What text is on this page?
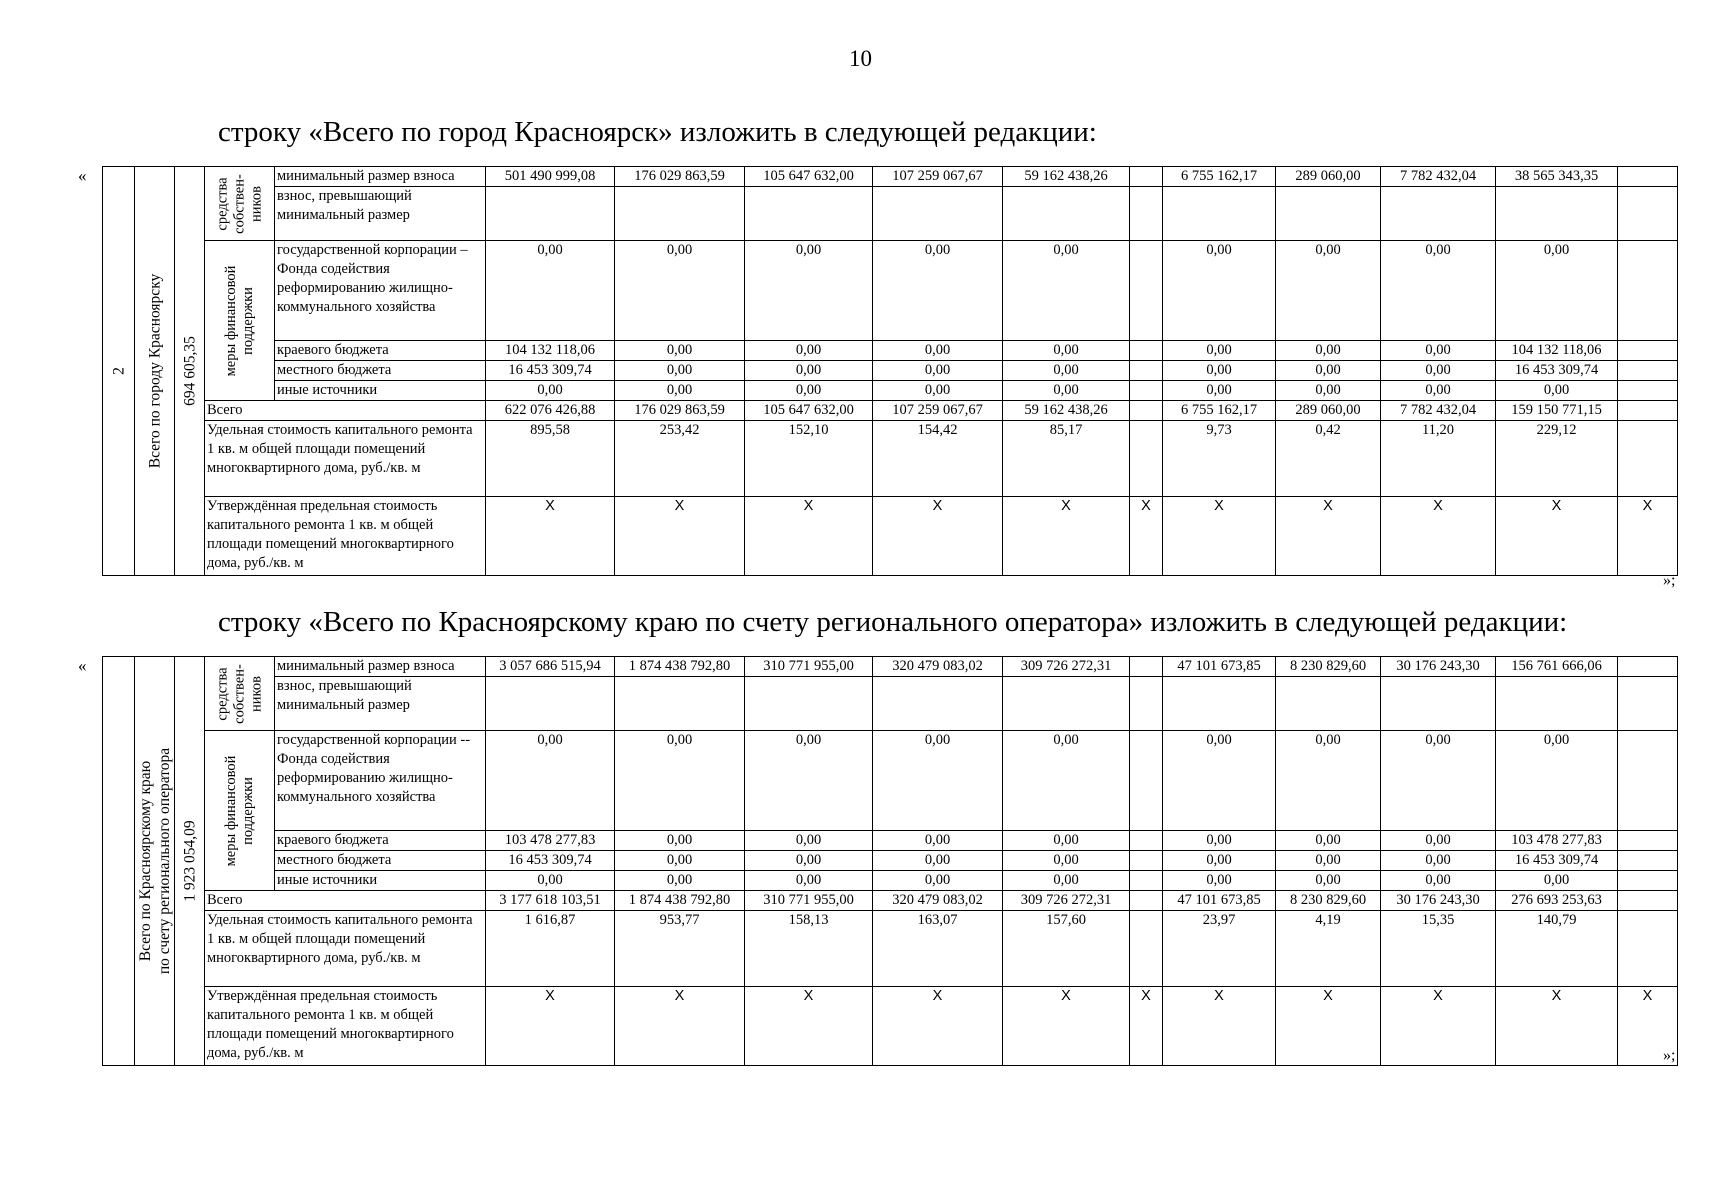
10
строку «Всего по город Красноярск» изложить в следующей редакции:
«
2	Всего по городу Красноярску	694 605,35	средства собствен- ников	минимальный размер взноса	501 490 999,08	176 029 863,59	105 647 632,00	107 259 067,67	59 162 438,26		6 755 162,17	289 060,00	7 782 432,04	38 565 343,35	
				взнос, превышающий минимальный размер											

			меры финансовой поддержки	государственной корпорации – Фонда содействия реформированию жилищно-коммунального хозяйства	0,00	0,00	0,00	0,00	0,00		0,00	0,00	0,00	0,00	
				краевого бюджета	104 132 118,06	0,00	0,00	0,00	0,00		0,00	0,00	0,00	104 132 118,06	
				местного бюджета	16 453 309,74	0,00	0,00	0,00	0,00		0,00	0,00	0,00	16 453 309,74	
				иные источники	0,00	0,00	0,00	0,00	0,00		0,00	0,00	0,00	0,00	
			Всего		622 076 426,88	176 029 863,59	105 647 632,00	107 259 067,67	59 162 438,26		6 755 162,17	289 060,00	7 782 432,04	159 150 771,15	
			Удельная стоимость капитального ремонта 1 кв. м общей площади помещений многоквартирного дома, руб./кв. м		895,58	253,42	152,10	154,42	85,17		9,73	0,42	11,20	229,12	
			Утверждённая предельная стоимость капитального ремонта 1 кв. м общей площади помещений многоквартирного дома, руб./кв. м		X	X	X	X	X	X	X	X	X	X	X
»;
строку «Всего по Красноярскому краю по счету регионального оператора» изложить в следующей редакции:
«

	Всего по Красноярскому краю по счету регионального оператора	1 923 054,09	средства собствен- ников	минимальный размер взноса	3 057 686 515,94	1 874 438 792,80	310 771 955,00	320 479 083,02	309 726 272,31		47 101 673,85	8 230 829,60	30 176 243,30	156 761 666,06	
				взнос, превышающий минимальный размер											

			меры финансовой поддержки	государственной корпорации -- Фонда содействия реформированию жилищно-коммунального хозяйства	0,00	0,00	0,00	0,00	0,00		0,00	0,00	0,00	0,00	
				краевого бюджета	103 478 277,83	0,00	0,00	0,00	0,00		0,00	0,00	0,00	103 478 277,83	
				местного бюджета	16 453 309,74	0,00	0,00	0,00	0,00		0,00	0,00	0,00	16 453 309,74	
				иные источники	0,00	0,00	0,00	0,00	0,00		0,00	0,00	0,00	0,00	
			Всего		3 177 618 103,51	1 874 438 792,80	310 771 955,00	320 479 083,02	309 726 272,31		47 101 673,85	8 230 829,60	30 176 243,30	276 693 253,63	
			Удельная стоимость капитального ремонта 1 кв. м общей площади помещений многоквартирного дома, руб./кв. м		1 616,87	953,77	158,13	163,07	157,60		23,97	4,19	15,35	140,79	
			Утверждённая предельная стоимость капитального ремонта 1 кв. м общей площади помещений многоквартирного дома, руб./кв. м		X	X	X	X	X	X	X	X	X	X	X
»;
